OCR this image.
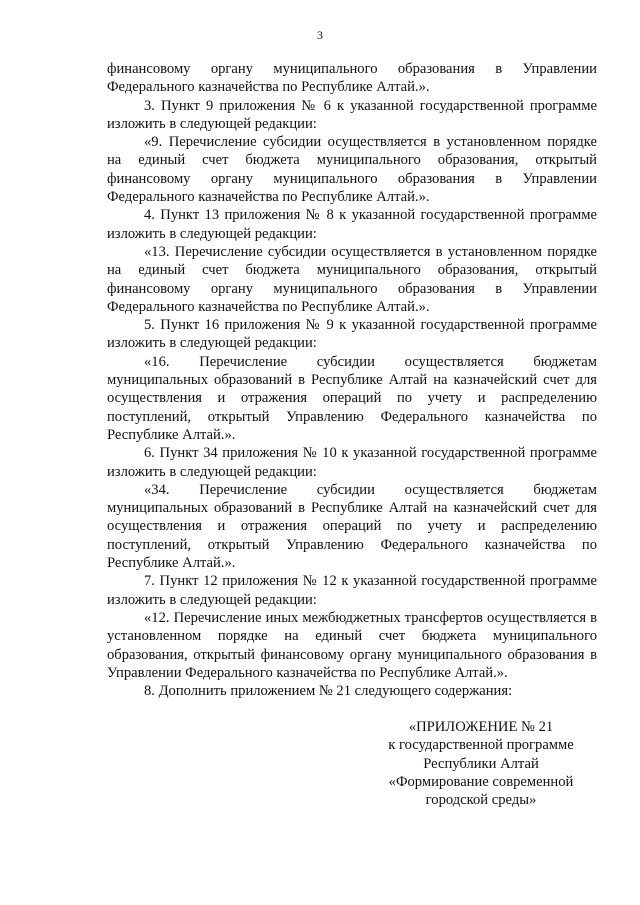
3

финансовому органу муниципального образования в Управлении Федерального казначейства по Республике Алтай.».

3. Пункт 9 приложения № 6 к указанной государственной программе изложить в следующей редакции:

«9. Перечисление субсидии осуществляется в установленном порядке на единый счет бюджета муниципального образования, открытый финансовому органу муниципального образования в Управлении Федерального казначейства по Республике Алтай.».

4. Пункт 13 приложения № 8 к указанной государственной программе изложить в следующей редакции:

«13. Перечисление субсидии осуществляется в установленном порядке на единый счет бюджета муниципального образования, открытый финансовому органу муниципального образования в Управлении Федерального казначейства по Республике Алтай.».

5. Пункт 16 приложения № 9 к указанной государственной программе изложить в следующей редакции:

«16. Перечисление субсидии осуществляется бюджетам муниципальных образований в Республике Алтай на казначейский счет для осуществления и отражения операций по учету и распределению поступлений, открытый Управлению Федерального казначейства по Республике Алтай.».

6. Пункт 34 приложения № 10 к указанной государственной программе изложить в следующей редакции:

«34. Перечисление субсидии осуществляется бюджетам муниципальных образований в Республике Алтай на казначейский счет для осуществления и отражения операций по учету и распределению поступлений, открытый Управлению Федерального казначейства по Республике Алтай.».

7. Пункт 12 приложения № 12 к указанной государственной программе изложить в следующей редакции:

«12. Перечисление иных межбюджетных трансфертов осуществляется в установленном порядке на единый счет бюджета муниципального образования, открытый финансовому органу муниципального образования в Управлении Федерального казначейства по Республике Алтай.».

8. Дополнить приложением № 21 следующего содержания:

«ПРИЛОЖЕНИЕ № 21
к государственной программе
Республики Алтай
«Формирование современной
городской среды»
